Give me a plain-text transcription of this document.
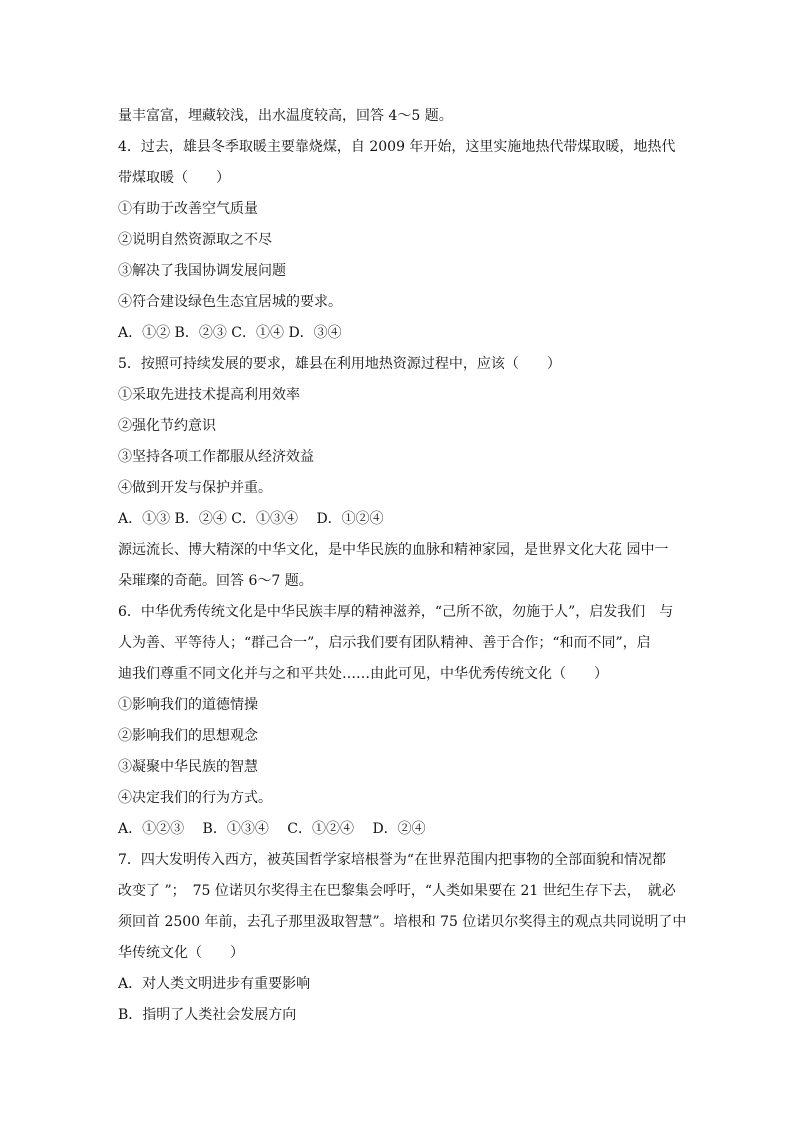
量丰富富，埋藏较浅，出水温度较高，回答 4～5 题。
4．过去，雄县冬季取暖主要靠烧煤，自 2009 年开始，这里实施地热代带煤取暖，地热代
带煤取暖（　　）
①有助于改善空气质量
②说明自然资源取之不尽
③解决了我国协调发展问题
④符合建设绿色生态宜居城的要求。
A．①② B．②③ C．①④ D．③④
5．按照可持续发展的要求，雄县在利用地热资源过程中，应该（　　）
①采取先进技术提高利用效率
②强化节约意识
③坚持各项工作都服从经济效益
④做到开发与保护并重。
A．①③ B．②④ C．①③④　 D．①②④
源远流长、博大精深的中华文化，是中华民族的血脉和精神家园，是世界文化大花 园中一
朵璀璨的奇葩。回答 6～7 题。
6．中华优秀传统文化是中华民族丰厚的精神滋养，“己所不欲，勿施于人”，启发我们　与
人为善、平等待人；“群己合一”，启示我们要有团队精神、善于合作；“和而不同”，启
迪我们尊重不同文化并与之和平共处……由此可见，中华优秀传统文化（　　）
①影响我们的道德情操
②影响我们的思想观念
③凝聚中华民族的智慧
④决定我们的行为方式。
A．①②③　 B．①③④　 C．①②④　 D．②④
7．四大发明传入西方，被英国哲学家培根誉为“在世界范围内把事物的全部面貌和情况都
改变了 ”；　75 位诺贝尔奖得主在巴黎集会呼吁，“人类如果要在 21 世纪生存下去，　就必
须回首 2500 年前，去孔子那里汲取智慧”。培根和 75 位诺贝尔奖得主的观点共同说明了中
华传统文化（　　）
A．对人类文明进步有重要影响
B．指明了人类社会发展方向
